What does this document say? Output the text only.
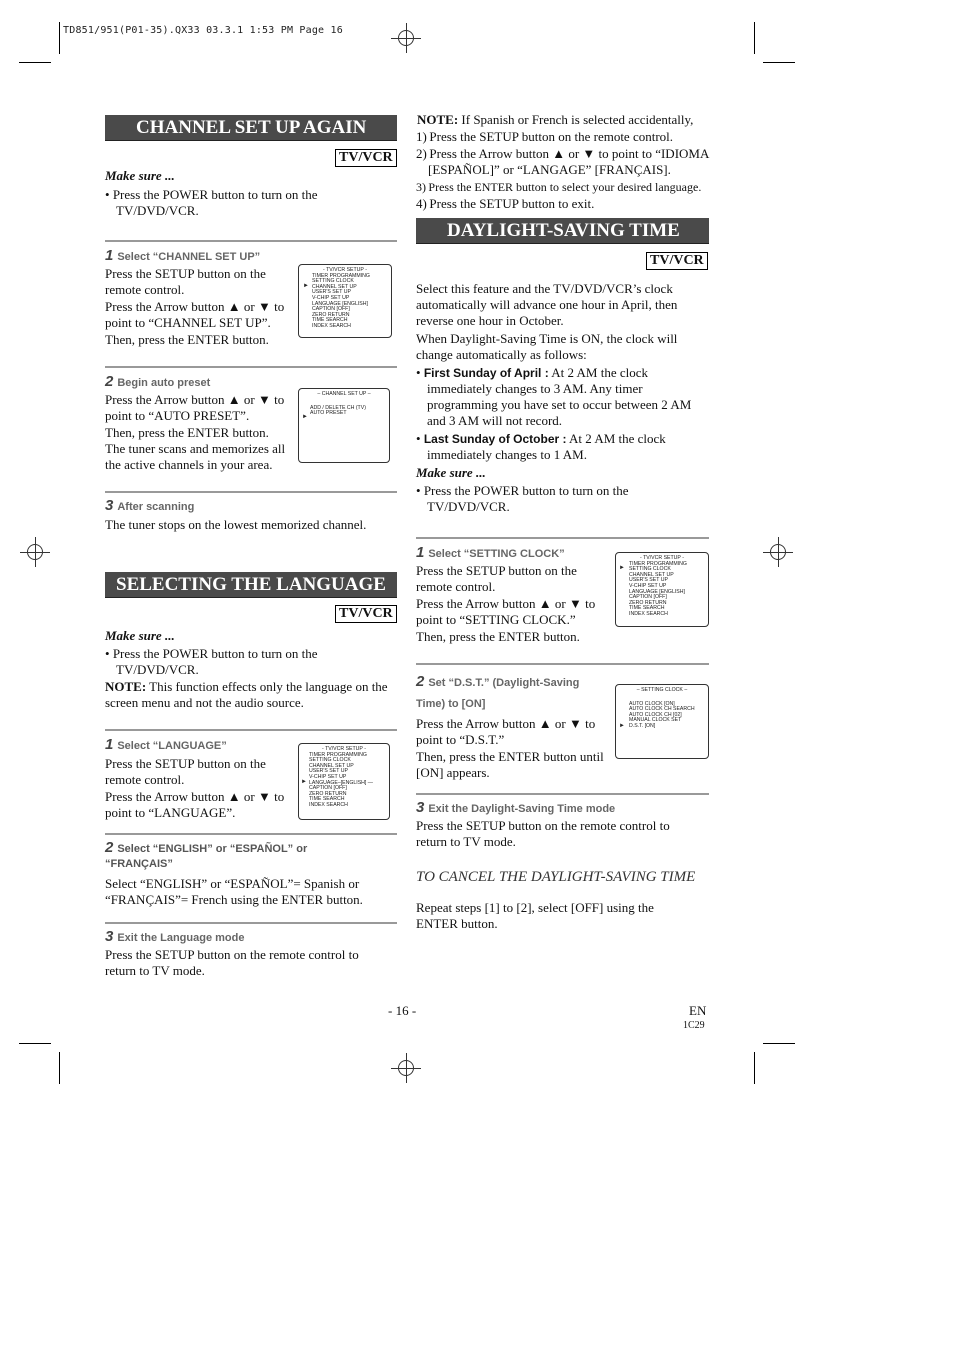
TD851/951(P01-35).QX33 03.3.1 1:53 PM Page 16
CHANNEL SET UP AGAIN
TV/VCR

Make sure ...

• Press the POWER button to turn on the TV/DVD/VCR.
1 Select “CHANNEL SET UP”

Press the SETUP button on the remote control.

Press the Arrow button ▲ or ▼ to point to “CHANNEL SET UP”.

Then, press the ENTER button.

- TV/VCR SETUP -
TIMER PROGRAMMING
SETTING CLOCK
CHANNEL SET UP
USER'S SET UP
V-CHIP SET UP
LANGUAGE [ENGLISH]
CAPTION [OFF]
ZERO RETURN
TIME SEARCH
INDEX SEARCH
►
2 Begin auto preset

Press the Arrow button ▲ or ▼ to point to “AUTO PRESET”.

Then, press the ENTER button.

The tuner scans and memorizes all the active channels in your area.

– CHANNEL SET UP –
ADD / DELETE CH (TV)
AUTO PRESET
►
3 After scanning

The tuner stops on the lowest memorized channel.

SELECTING THE LANGUAGE
TV/VCR

Make sure ...

• Press the POWER button to turn on the TV/DVD/VCR.

NOTE: This function effects only the language on the screen menu and not the audio source.

1 Select “LANGUAGE”

Press the SETUP button on the remote control.

Press the Arrow button ▲ or ▼ to point to “LANGUAGE”.

- TV/VCR SETUP -
TIMER PROGRAMMING
SETTING CLOCK
CHANNEL SET UP
USER'S SET UP
V-CHIP SET UP
LANGUAGE–[ENGLISH] —
CAPTION [OFF]
ZERO RETURN
TIME SEARCH
INDEX SEARCH
►
2 Select “ENGLISH” or “ESPAÑOL” or “FRANÇAIS”

Select “ENGLISH” or “ESPAÑOL”= Spanish or “FRANÇAIS”= French using the ENTER button.

3 Exit the Language mode

Press the SETUP button on the remote control to return to TV mode.

NOTE: If Spanish or French is selected accidentally,

1) Press the SETUP button on the remote control.
2) Press the Arrow button ▲ or ▼ to point to “IDIOMA [ESPAÑOL]” or “LANGAGE” [FRANÇAIS].
3) Press the ENTER button to select your desired language.
4) Press the SETUP button to exit.
DAYLIGHT-SAVING TIME
TV/VCR

Select this feature and the TV/DVD/VCR’s clock automatically will advance one hour in April, then reverse one hour in October.

When Daylight-Saving Time is ON, the clock will change automatically as follows:

• First Sunday of April : At 2 AM the clock immediately changes to 3 AM. Any timer programming you have set to occur between 2 AM and 3 AM will not record.
• Last Sunday of October : At 2 AM the clock immediately changes to 1 AM.

Make sure ...

• Press the POWER button to turn on the TV/DVD/VCR.
1 Select “SETTING CLOCK”

Press the SETUP button on the remote control.

Press the Arrow button ▲ or ▼ to point to “SETTING CLOCK.”

Then, press the ENTER button.

- TV/VCR SETUP -
TIMER PROGRAMMING
SETTING CLOCK
CHANNEL SET UP
USER'S SET UP
V-CHIP SET UP
LANGUAGE [ENGLISH]
CAPTION [OFF]
ZERO RETURN
TIME SEARCH
INDEX SEARCH
►
2 Set “D.S.T.” (Daylight-Saving Time) to [ON]

Press the Arrow button ▲ or ▼ to point to “D.S.T.”

Then, press the ENTER button until [ON] appears.

– SETTING CLOCK –
AUTO CLOCK [ON]
AUTO CLOCK CH SEARCH
AUTO CLOCK CH [02]
MANUAL CLOCK SET
D.S.T. [ON]
►
3 Exit the Daylight-Saving Time mode

Press the SETUP button on the remote control to return to TV mode.

TO CANCEL THE DAYLIGHT-SAVING TIME

Repeat steps [1] to [2], select [OFF] using the ENTER button.

- 16 -	EN
1C29
